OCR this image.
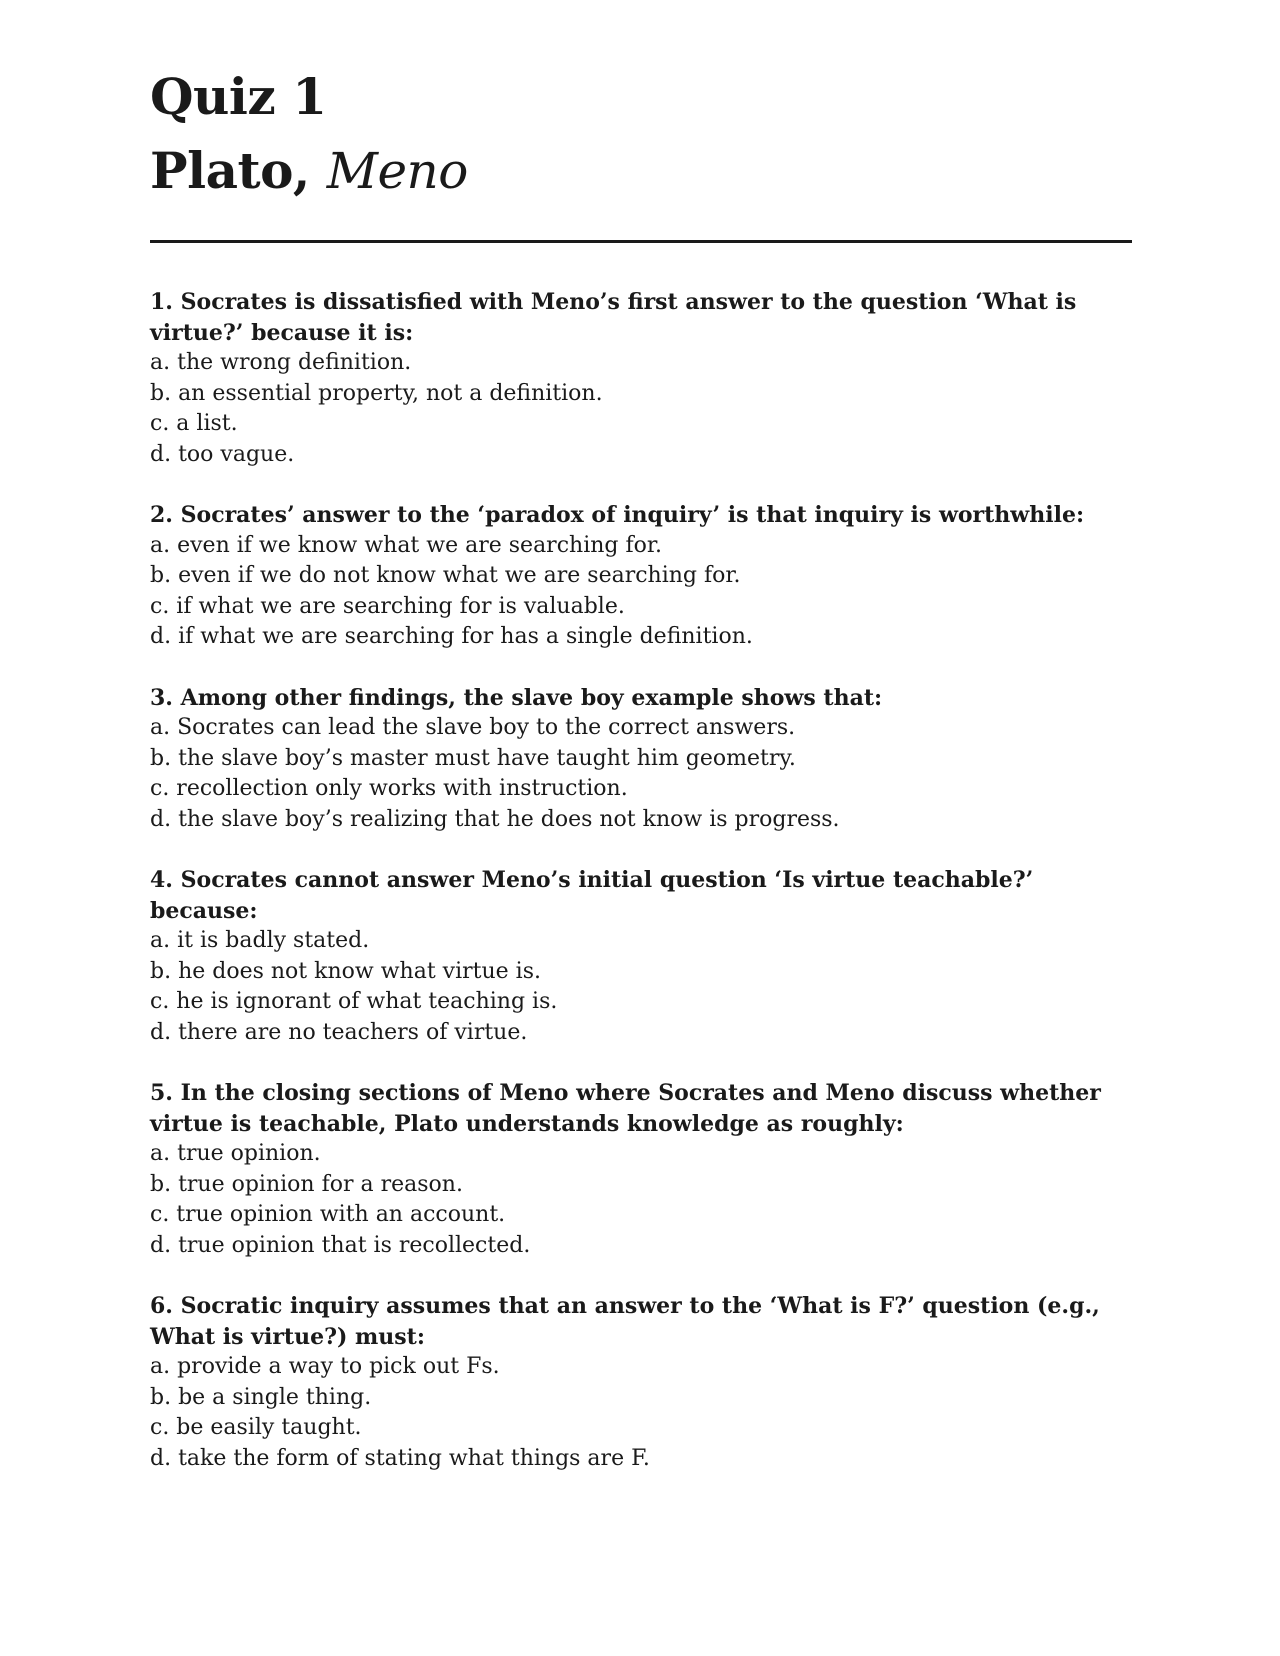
Quiz 1
Plato, Meno
1. Socrates is dissatisfied with Meno’s first answer to the question ‘What is virtue?’ because it is:
a. the wrong definition.
b. an essential property, not a definition.
c. a list.
d. too vague.
2. Socrates’ answer to the ‘paradox of inquiry’ is that inquiry is worthwhile:
a. even if we know what we are searching for.
b. even if we do not know what we are searching for.
c. if what we are searching for is valuable.
d. if what we are searching for has a single definition.
3. Among other findings, the slave boy example shows that:
a. Socrates can lead the slave boy to the correct answers.
b. the slave boy’s master must have taught him geometry.
c. recollection only works with instruction.
d. the slave boy’s realizing that he does not know is progress.
4. Socrates cannot answer Meno’s initial question ‘Is virtue teachable?’ because:
a. it is badly stated.
b. he does not know what virtue is.
c. he is ignorant of what teaching is.
d. there are no teachers of virtue.
5. In the closing sections of Meno where Socrates and Meno discuss whether virtue is teachable, Plato understands knowledge as roughly:
a. true opinion.
b. true opinion for a reason.
c. true opinion with an account.
d. true opinion that is recollected.
6. Socratic inquiry assumes that an answer to the ‘What is F?’ question (e.g., What is virtue?) must:
a. provide a way to pick out Fs.
b. be a single thing.
c. be easily taught.
d. take the form of stating what things are F.
